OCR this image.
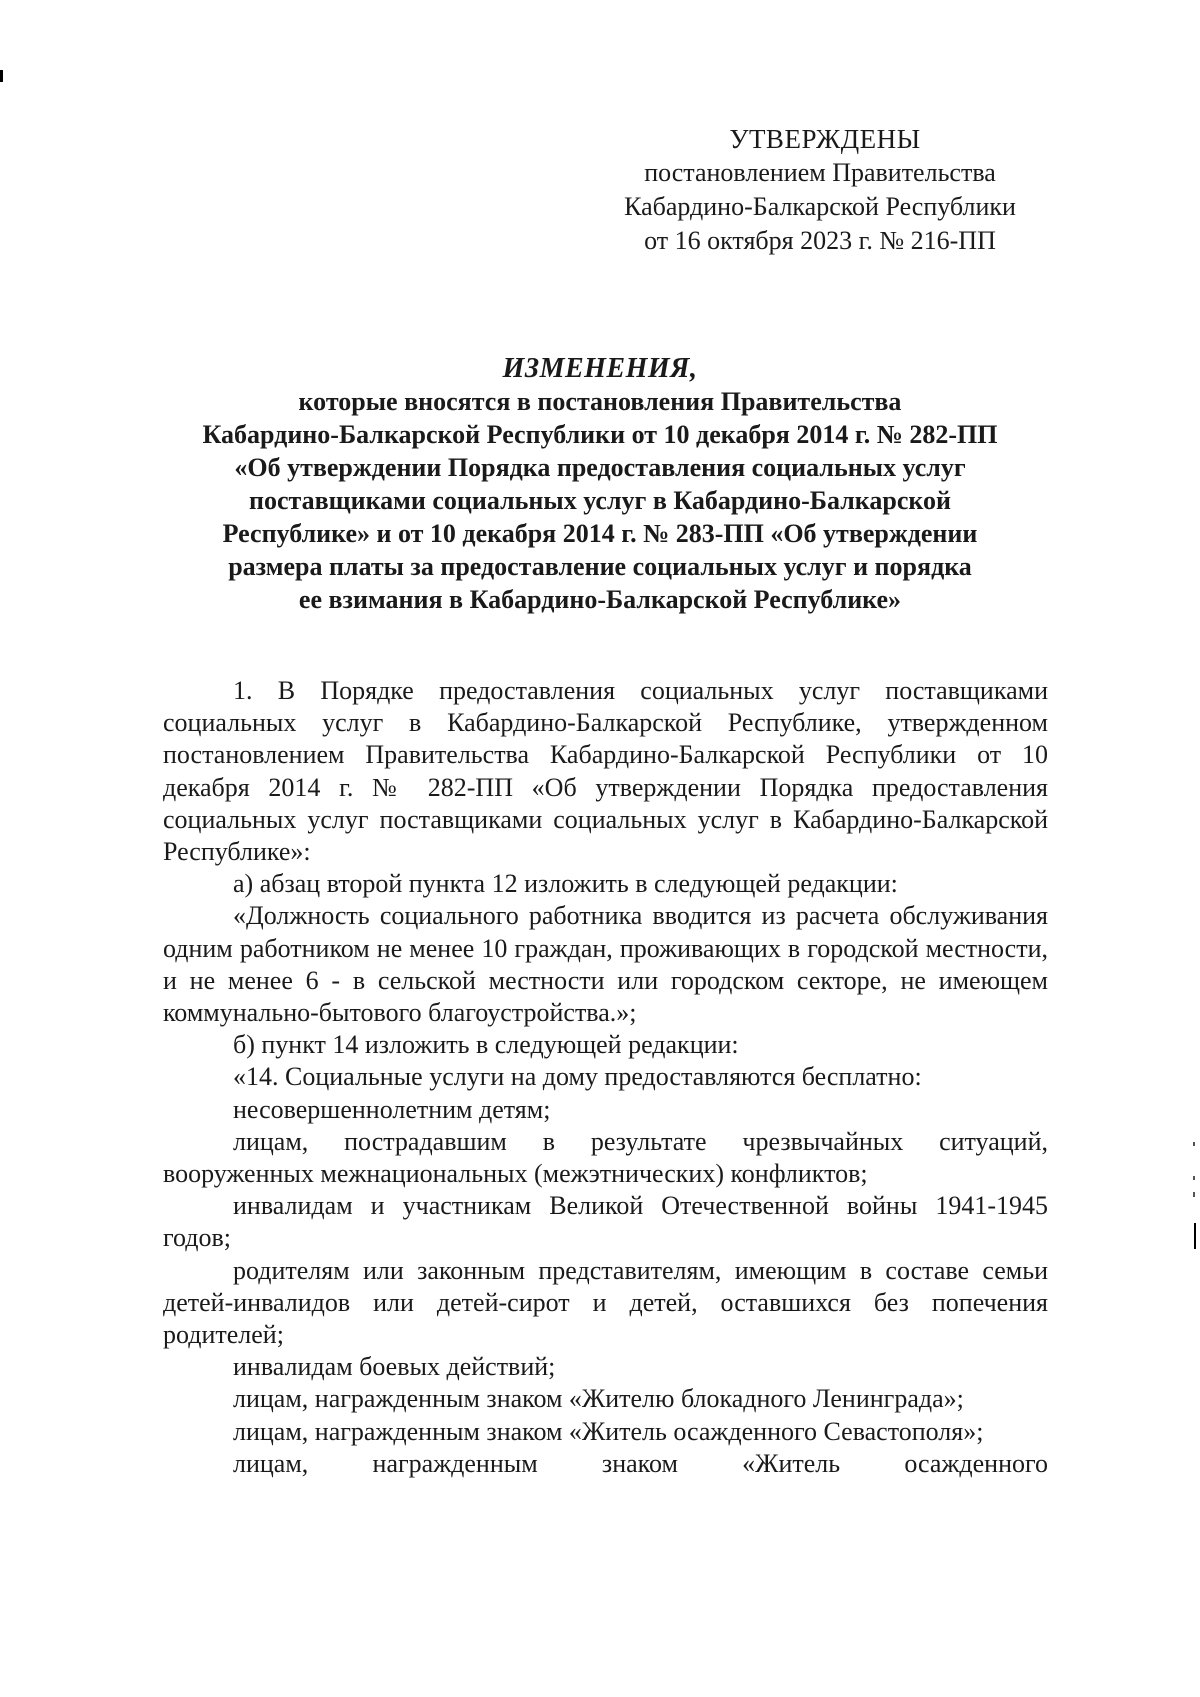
УТВЕРЖДЕНЫ
постановлением Правительства
Кабардино-Балкарской Республики
от 16 октября 2023 г. № 216-ПП
ИЗМЕНЕНИЯ,
которые вносятся в постановления Правительства
Кабардино-Балкарской Республики от 10 декабря 2014 г. № 282-ПП
«Об утверждении Порядка предоставления социальных услуг
поставщиками социальных услуг в Кабардино-Балкарской
Республике» и от 10 декабря 2014 г. № 283-ПП «Об утверждении
размера платы за предоставление социальных услуг и порядка
ее взимания в Кабардино-Балкарской Республике»

1. В Порядке предоставления социальных услуг поставщиками социальных услуг в Кабардино-Балкарской Республике, утвержденном постановлением Правительства Кабардино-Балкарской Республики от 10 декабря 2014 г. № 282-ПП «Об утверждении Порядка предоставления социальных услуг поставщиками социальных услуг в Кабардино-Балкарской Республике»:

а) абзац второй пункта 12 изложить в следующей редакции:

«Должность социального работника вводится из расчета обслуживания одним работником не менее 10 граждан, проживающих в городской местности, и не менее 6 - в сельской местности или городском секторе, не имеющем коммунально-бытового благоустройства.»;

б) пункт 14 изложить в следующей редакции:

«14. Социальные услуги на дому предоставляются бесплатно:

несовершеннолетним детям;

лицам, пострадавшим в результате чрезвычайных ситуаций, вооруженных межнациональных (межэтнических) конфликтов;

инвалидам и участникам Великой Отечественной войны 1941-1945 годов;

родителям или законным представителям, имеющим в составе семьи детей-инвалидов или детей-сирот и детей, оставшихся без попечения родителей;

инвалидам боевых действий;

лицам, награжденным знаком «Жителю блокадного Ленинграда»;

лицам, награжденным знаком «Житель осажденного Севастополя»;

лицам, награжденным знаком «Житель осажденного
